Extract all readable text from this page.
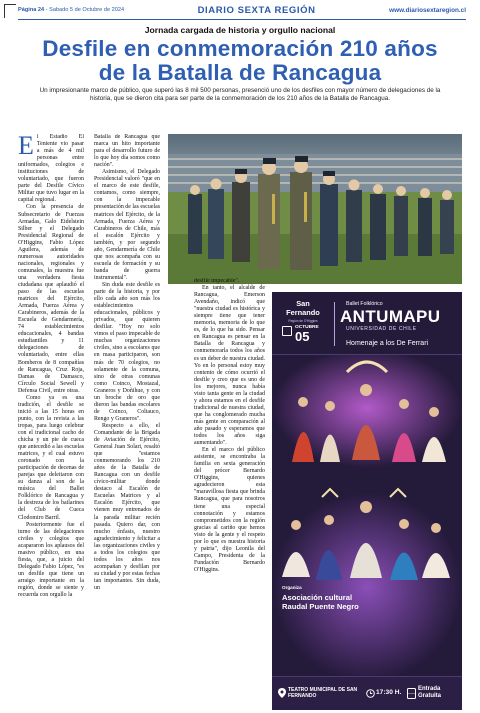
Página 24 - Sabado 5 de Octubre de 2024	DIARIO SEXTA REGIÓN	www.diariosextaregion.cl
Jornada cargada de historia y orgullo nacional
Desfile en conmemoración 210 años
de la Batalla de Rancagua
Un impresionante marco de público, que superó las 8 mil 500 personas, presenció uno de los desfiles con mayor número de delegaciones de la historia, que se dieron cita para ser parte de la conmemoración de los 210 años de la Batalla de Rancagua.

El Estadio El Teniente vio pasar a más de 4 mil personas entre uniformados, colegios e instituciones de voluntariado, que fueron parte del Desfile Cívico Militar que tuvo lugar en la capital regional.

Con la presencia de Subsecretario de Fuerzas Armadas, Galo Eidelstein Silber y el Delegado Presidencial Regional de O'Higgins, Fabio López Aguilera, además de numerosas autoridades nacionales, regionales y comunales, la muestra fue una verdadera fiesta ciudadana que aplaudió el paso de las escuelas matrices del Ejército, Armada, Fuerza Aérea y Carabineros, además de la Escuela de Gendarmería, 74 establecimientos educacionales, 4 bandas estudiantiles y 11 delegaciones de voluntariado, entre ellas Bomberos de 8 compañías de Rancagua, Cruz Roja, Damas de Damasco, Círculo Social Sewell y Defensa Civil, entre otras.

Como ya es una tradición, el desfile se inició a las 15 horas en punto, con la revista a las tropas, para luego celebrar con el tradicional cacho de chicha y un pie de cueca que antecedió a las escuelas matrices, y el cual estuvo coronado con la participación de decenas de parejas que deleitaron con su danza al son de la música del Ballet Folklórico de Rancagua y la destreza de los bailarines del Club de Cueca Clodomiro Barril.

Posteriormente fue el turno de las delegaciones civiles y colegios que acapararon los aplausos del masivo público, en una fiesta, que, a juicio del Delegado Fabio López, "es un desfile que tiene un arraigo importante en la región, donde se siente y recuerda con orgullo la

Batalla de Rancagua que marca un hito importante para el desarrollo futuro de lo que hoy día somos como nación".

Asimismo, el Delegado Presidencial valoró "que en el marco de este desfile, contamos, como siempre, con la impecable presentación de las escuelas matrices del Ejército, de la Armada, Fuerza Aérea y Carabineros de Chile, más el escalón Ejército y también, y por segundo año, Gendarmería de Chile que nos acompaña con su escuela de formación y su banda de guerra instrumental".

Sin duda este desfile es parte de la historia, y por ello cada año son más los establecimientos educacionales, públicos y privados, que quieren desfilar. "Hoy no solo vimos el paso impecable de muchas organizaciones civiles, sino a escolares que en masa participaron, son más de 70 colegios, no solamente de la comuna, sino de otras comunas como Coinco, Mostazal, Graneros y Doñihue, y con un broche de oro que dieron las bandas escolares de Coinco, Coltauco, Rengo y Graneros".

Respecto a ello, el Comandante de la Brigada de Aviación de Ejército, General Juan Solari, resaltó que "estamos conmemorando los 210 años de la Batalla de Rancagua con un desfile cívico-militar donde destaco al Escalón de Escuelas Matrices y al Escalón Ejército, que vienen muy entrenados de la parada militar recién pasada. Quiero dar, con mucho énfasis, nuestro agradecimiento y felicitar a las organizaciones civiles y a todos los colegios que todos los años nos acompañan y desfilan por su ciudad y por estas fechas tan importantes. Sin duda, un

desfile impecable".

En tanto, el alcalde de Rancagua, Emerson Avendaño, indicó que "nuestra ciudad es histórica y siempre tiene que tener memoria, memoria de lo que es, de lo que ha sido. Pensar en Rancagua es pensar en la Batalla de Rancagua y conmemorarla todos los años es un deber de nuestra ciudad. Yo en lo personal estoy muy contento de cómo ocurrió el desfile y creo que es uno de los mejores, nunca había visto tanta gente en la ciudad y ahora estamos en el desfile tradicional de nuestra ciudad, que ha conglomerado mucha más gente en comparación al año pasado y esperamos que todos los años siga aumentando".

En el marco del público asistente, se encontraba la familia en sexta generación del prócer Bernardo O'Higgins, quienes agradecieron esta "maravillosa fiesta que brinda Rancagua, que para nosotros tiene una especial connotación y estamos comprometidos con la región gracias al cariño que hemos visto de la gente y el respeto por lo que es nuestra historia y patria", dijo Leonila del Campo, Presidenta de la Fundación Bernardo O'Higgins.

San
Fernando
Región de O'Higgins
OCTUBRE
05
Ballet Folklórico
ANTUMAPU
UNIVERSIDAD DE CHILE
Homenaje a los De Ferrari
Organiza
Asociación cultural
Raudal Puente Negro
TEATRO MUNICIPAL DE SAN FERNANDO
17:30 H.	Entrada
Gratuita
